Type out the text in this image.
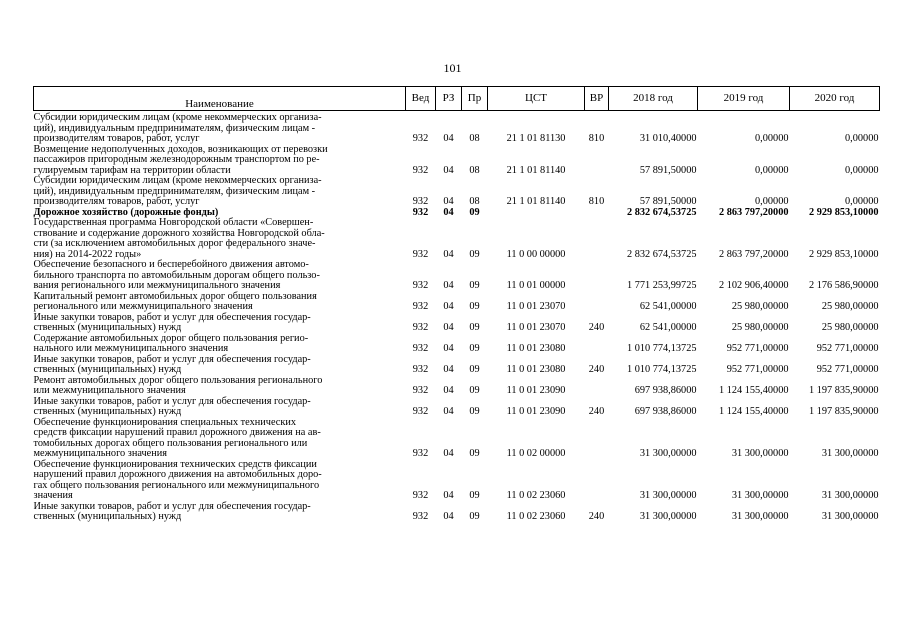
101
Наименование	Вед	РЗ	Пр	ЦСТ	ВР	2018 год	2019 год	2020 год

Субсидии юридическим лицам (кроме некоммерческих организа-
ций), индивидуальным предпринимателям, физическим лицам -
производителям товаров, работ, услуг	932	04	08	21 1 01 81130	810	31 010,40000	0,00000	0,00000

Возмещение недополученных доходов, возникающих от перевозки
пассажиров пригородным железнодорожным транспортом по ре-
гулируемым тарифам на территории области	932	04	08	21 1 01 81140		57 891,50000	0,00000	0,00000

Субсидии юридическим лицам (кроме некоммерческих организа-
ций), индивидуальным предпринимателям, физическим лицам -
производителям товаров, работ, услуг	932	04	08	21 1 01 81140	810	57 891,50000	0,00000	0,00000

Дорожное хозяйство (дорожные фонды)	932	04	09			2 832 674,53725	2 863 797,20000	2 929 853,10000

Государственная программа Новгородской области «Совершен-
ствование и содержание дорожного хозяйства Новгородской обла-
сти (за исключением автомобильных дорог федерального значе-
ния) на 2014-2022 годы»	932	04	09	11 0 00 00000		2 832 674,53725	2 863 797,20000	2 929 853,10000

Обеспечение безопасного и бесперебойного движения автомо-
бильного транспорта по автомобильным дорогам общего пользо-
вания регионального или межмуниципального значения	932	04	09	11 0 01 00000		1 771 253,99725	2 102 906,40000	2 176 586,90000

Капитальный ремонт автомобильных дорог общего пользования
регионального или межмуниципального значения	932	04	09	11 0 01 23070		62 541,00000	25 980,00000	25 980,00000

Иные закупки товаров, работ и услуг для обеспечения государ-
ственных (муниципальных) нужд	932	04	09	11 0 01 23070	240	62 541,00000	25 980,00000	25 980,00000

Содержание автомобильных дорог общего пользования регио-
нального или межмуниципального значения	932	04	09	11 0 01 23080		1 010 774,13725	952 771,00000	952 771,00000

Иные закупки товаров, работ и услуг для обеспечения государ-
ственных (муниципальных) нужд	932	04	09	11 0 01 23080	240	1 010 774,13725	952 771,00000	952 771,00000

Ремонт автомобильных дорог общего пользования регионального
или межмуниципального значения	932	04	09	11 0 01 23090		697 938,86000	1 124 155,40000	1 197 835,90000

Иные закупки товаров, работ и услуг для обеспечения государ-
ственных (муниципальных) нужд	932	04	09	11 0 01 23090	240	697 938,86000	1 124 155,40000	1 197 835,90000

Обеспечение функционирования специальных технических
средств фиксации нарушений правил дорожного движения на ав-
томобильных дорогах общего пользования регионального или
межмуниципального значения	932	04	09	11 0 02 00000		31 300,00000	31 300,00000	31 300,00000

Обеспечение функционирования технических средств фиксации
нарушений правил дорожного движения на автомобильных доро-
гах общего пользования регионального или межмуниципального
значения	932	04	09	11 0 02 23060		31 300,00000	31 300,00000	31 300,00000

Иные закупки товаров, работ и услуг для обеспечения государ-
ственных (муниципальных) нужд	932	04	09	11 0 02 23060	240	31 300,00000	31 300,00000	31 300,00000
